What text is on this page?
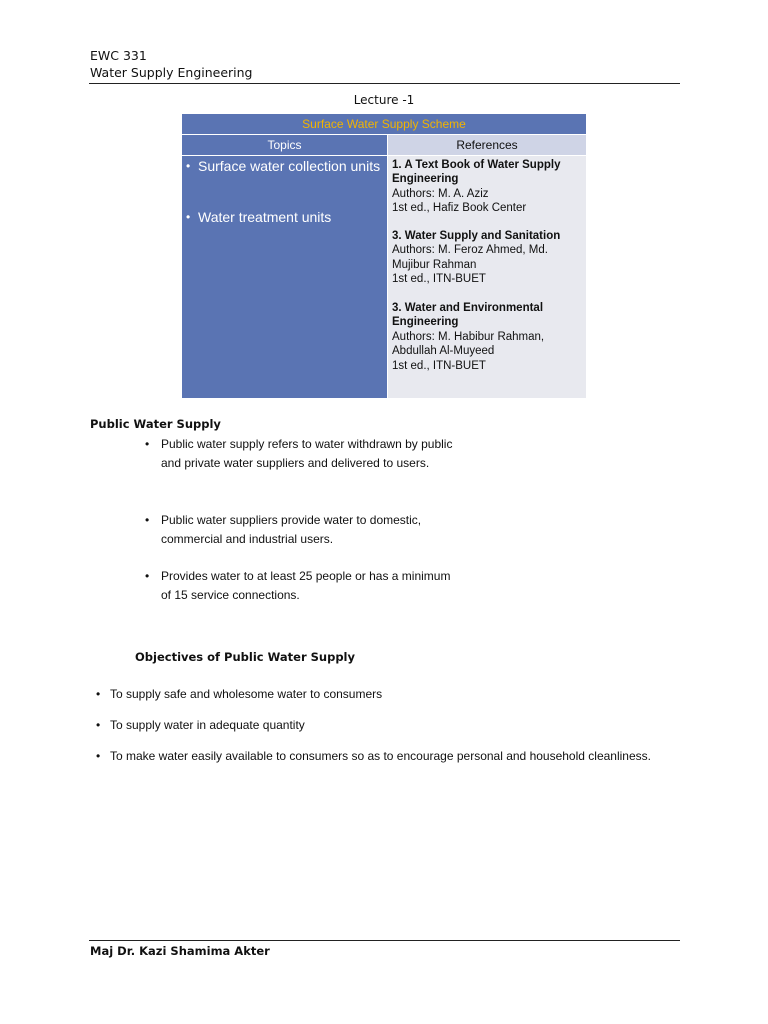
EWC 331
Water Supply Engineering
Lecture -1
Surface Water Supply Scheme
Topics	References
• Surface water collection units
• Water treatment units
1. A Text Book of Water Supply Engineering
Authors: M. A. Aziz
1st ed., Hafiz Book Center
3. Water Supply and Sanitation
Authors: M. Feroz Ahmed, Md. Mujibur Rahman
1st ed., ITN-BUET
3. Water and Environmental Engineering
Authors: M. Habibur Rahman, Abdullah Al-Muyeed
1st ed., ITN-BUET
Public Water Supply
• Public water supply refers to water withdrawn by public and private water suppliers and delivered to users.
• Public water suppliers provide water to domestic, commercial and industrial users.
• Provides water to at least 25 people or has a minimum of 15 service connections.
Objectives of Public Water Supply
• To supply safe and wholesome water to consumers
• To supply water in adequate quantity
• To make water easily available to consumers so as to encourage personal and household cleanliness.
Maj Dr. Kazi Shamima Akter
